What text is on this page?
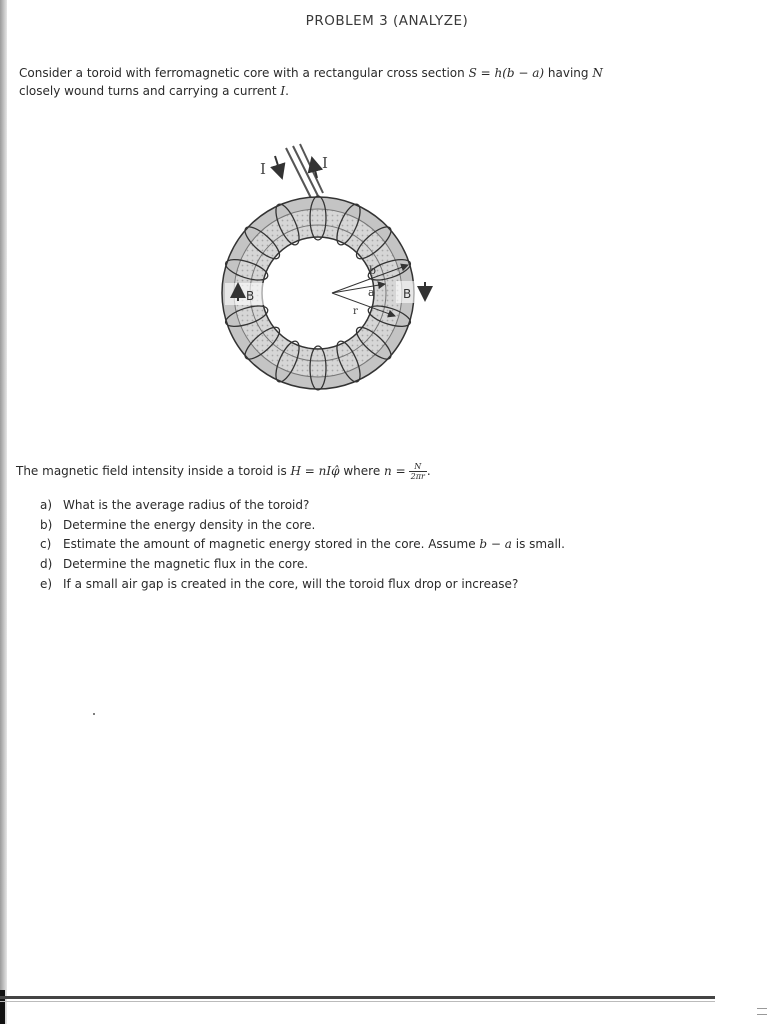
PROBLEM 3 (ANALYZE)
Consider a toroid with ferromagnetic core with a rectangular cross section S = h(b − a) having N
closely wound turns and carrying a current I.
I	I
B	B
b
a
r
The magnetic field intensity inside a toroid is H = nIφ̂ where $n = \frac{N}{2\pi r}$ .
a) What is the average radius of the toroid?
b) Determine the energy density in the core.
c) Estimate the amount of magnetic energy stored in the core. Assume b − a is small.
d) Determine the magnetic flux in the core.
e) If a small air gap is created in the core, will the toroid flux drop or increase?
